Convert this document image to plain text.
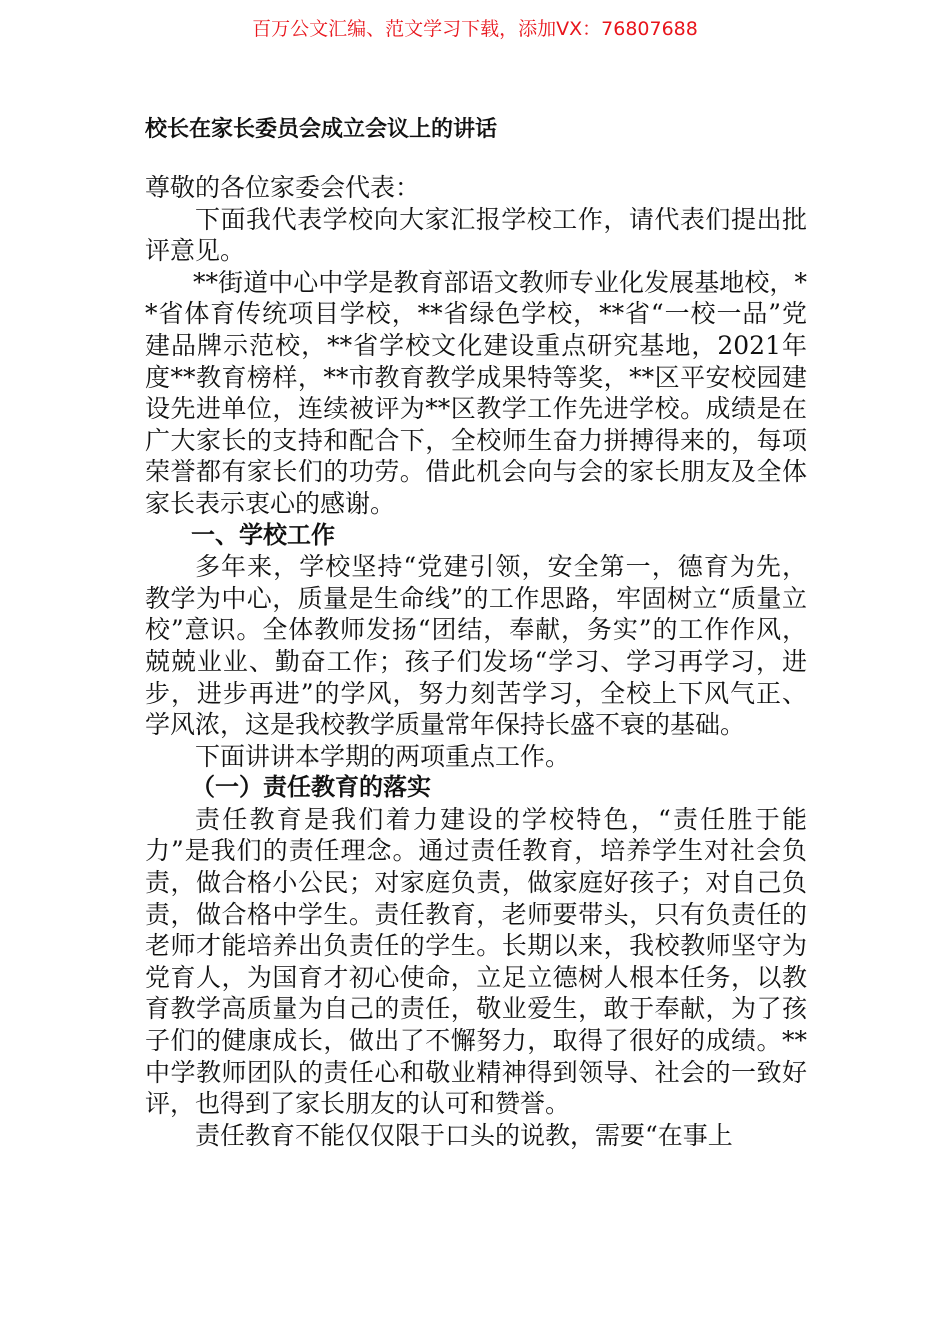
百万公文汇编、范文学习下载，添加VX：76807688
校长在家长委员会成立会议上的讲话

尊敬的各位家委会代表：

下面我代表学校向大家汇报学校工作，请代表们提出批评意见。

**街道中心中学是教育部语文教师专业化发展基地校，**省体育传统项目学校，**省绿色学校，**省“一校一品”党建品牌示范校，**省学校文化建设重点研究基地，2021年度**教育榜样，**市教育教学成果特等奖，**区平安校园建设先进单位，连续被评为**区教学工作先进学校。成绩是在广大家长的支持和配合下，全校师生奋力拼搏得来的，每项荣誉都有家长们的功劳。借此机会向与会的家长朋友及全体家长表示衷心的感谢。

一、学校工作

多年来，学校坚持“党建引领，安全第一，德育为先，教学为中心，质量是生命线”的工作思路，牢固树立“质量立校”意识。全体教师发扬“团结，奉献，务实”的工作作风，兢兢业业、勤奋工作；孩子们发场“学习、学习再学习，进步，进步再进”的学风，努力刻苦学习，全校上下风气正、学风浓，这是我校教学质量常年保持长盛不衰的基础。

下面讲讲本学期的两项重点工作。

（一）责任教育的落实

责任教育是我们着力建设的学校特色，“责任胜于能力”是我们的责任理念。通过责任教育，培养学生对社会负责，做合格小公民；对家庭负责，做家庭好孩子；对自己负责，做合格中学生。责任教育，老师要带头，只有负责任的老师才能培养出负责任的学生。长期以来，我校教师坚守为党育人，为国育才初心使命，立足立德树人根本任务，以教育教学高质量为自己的责任，敬业爱生，敢于奉献，为了孩子们的健康成长，做出了不懈努力，取得了很好的成绩。**中学教师团队的责任心和敬业精神得到领导、社会的一致好评，也得到了家长朋友的认可和赞誉。

责任教育不能仅仅限于口头的说教，需要“在事上
